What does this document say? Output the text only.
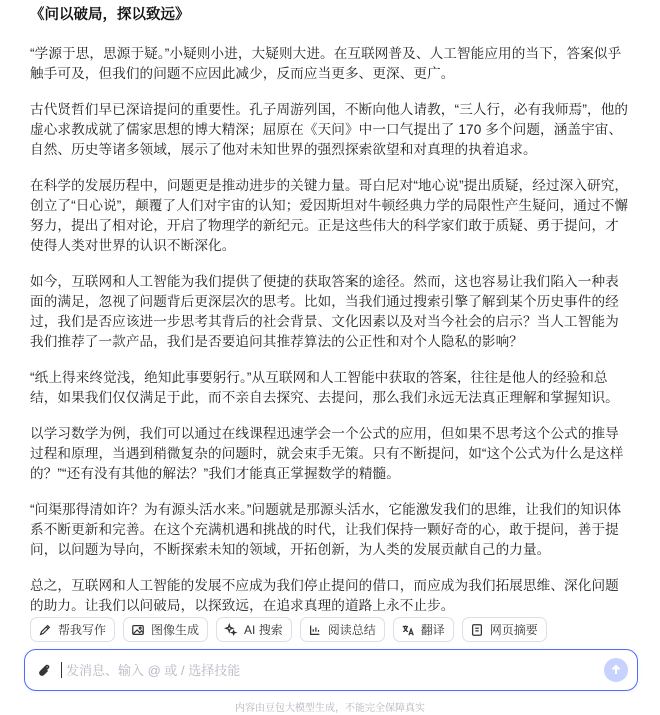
《问以破局，探以致远》

“学源于思，思源于疑。”小疑则小进，大疑则大进。在互联网普及、人工智能应用的当下，答案似乎触手可及，但我们的问题不应因此减少，反而应当更多、更深、更广。

古代贤哲们早已深谙提问的重要性。孔子周游列国，不断向他人请教，“三人行，必有我师焉”，他的虚心求教成就了儒家思想的博大精深；屈原在《天问》中一口气提出了 170 多个问题，涵盖宇宙、自然、历史等诸多领域，展示了他对未知世界的强烈探索欲望和对真理的执着追求。

在科学的发展历程中，问题更是推动进步的关键力量。哥白尼对“地心说”提出质疑，经过深入研究，创立了“日心说”，颠覆了人们对宇宙的认知；爱因斯坦对牛顿经典力学的局限性产生疑问，通过不懈努力，提出了相对论，开启了物理学的新纪元。正是这些伟大的科学家们敢于质疑、勇于提问，才使得人类对世界的认识不断深化。

如今，互联网和人工智能为我们提供了便捷的获取答案的途径。然而，这也容易让我们陷入一种表面的满足，忽视了问题背后更深层次的思考。比如，当我们通过搜索引擎了解到某个历史事件的经过，我们是否应该进一步思考其背后的社会背景、文化因素以及对当今社会的启示？当人工智能为我们推荐了一款产品，我们是否要追问其推荐算法的公正性和对个人隐私的影响？

“纸上得来终觉浅，绝知此事要躬行。”从互联网和人工智能中获取的答案，往往是他人的经验和总结，如果我们仅仅满足于此，而不亲自去探究、去提问，那么我们永远无法真正理解和掌握知识。

以学习数学为例，我们可以通过在线课程迅速学会一个公式的应用，但如果不思考这个公式的推导过程和原理，当遇到稍微复杂的问题时，就会束手无策。只有不断提问，如“这个公式为什么是这样的？”“还有没有其他的解法？”我们才能真正掌握数学的精髓。

“问渠那得清如许？为有源头活水来。”问题就是那源头活水，它能激发我们的思维，让我们的知识体系不断更新和完善。在这个充满机遇和挑战的时代，让我们保持一颗好奇的心，敢于提问，善于提问，以问题为导向，不断探索未知的领域，开拓创新，为人类的发展贡献自己的力量。

总之，互联网和人工智能的发展不应成为我们停止提问的借口，而应成为我们拓展思维、深化问题的助力。让我们以问破局，以探致远，在追求真理的道路上永不止步。

帮我写作	图像生成	AI 搜索	阅读总结	翻译	网页摘要
发消息、输入 @ 或 / 选择技能
内容由豆包大模型生成，不能完全保障真实
